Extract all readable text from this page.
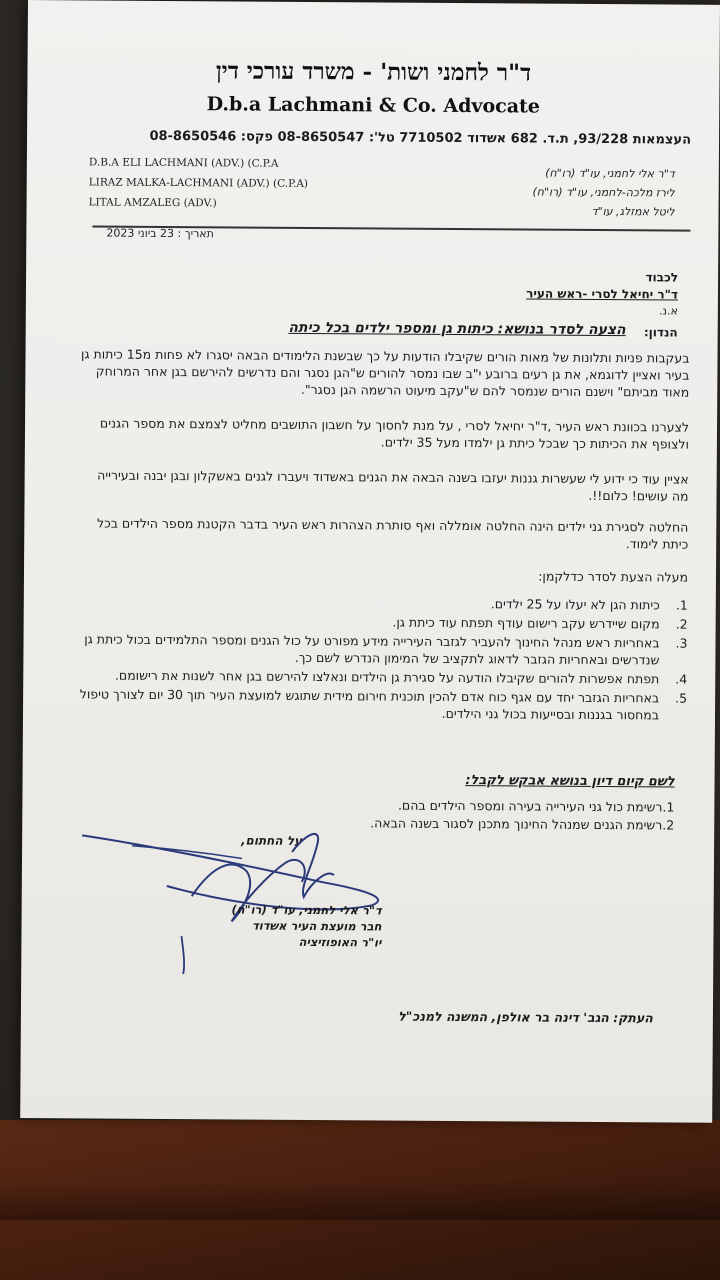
ד"ר לחמני ושות' - משרד עורכי דין
D.b.a Lachmani & Co. Advocate
העצמאות 93/228, ת.ד. 682 אשדוד 7710502 טל': 08-8650547 פקס: 08-8650546
D.B.A ELI LACHMANI (ADV.) (C.P.A
LIRAZ MALKA-LACHMANI (ADV.) (C.P.A)
LITAL AMZALEG (ADV.)
ד"ר אלי לחמני, עו"ד (רו"ח)
לירז מלכה-לחמני, עו"ד (רו"ח)
ליטל אמזלג, עו"ד
תאריך : 23 ביוני 2023
לכבוד
ד"ר יחיאל לסרי -ראש העיר
א.נ.
הנדון:
הצעה לסדר בנושא: כיתות גן ומספר ילדים בכל כיתה
בעקבות פניות ותלונות של מאות הורים שקיבלו הודעות על כך שבשנת הלימודים הבאה יסגרו לא פחות מ15 כיתות גן בעיר ואציין לדוגמא, את גן רעים ברובע י"ב שבו נמסר להורים ש"הגן נסגר והם נדרשים להירשם בגן אחר המרוחק מאוד מביתם" וישנם הורים שנמסר להם ש"עקב מיעוט הרשמה הגן נסגר".
לצערנו בכוונת ראש העיר ,ד"ר יחיאל לסרי , על מנת לחסוך על חשבון התושבים מחליט לצמצם את מספר הגנים ולצופף את הכיתות כך שבכל כיתת גן ילמדו מעל 35 ילדים.
אציין עוד כי ידוע לי שעשרות גננות יעזבו בשנה הבאה את הגנים באשדוד ויעברו לגנים באשקלון ובגן יבנה ובעירייה מה עושים! כלום!!.
החלטה לסגירת גני ילדים הינה החלטה אומללה ואף סותרת הצהרות ראש העיר בדבר הקטנת מספר הילדים בכל כיתת לימוד.
מעלה הצעת לסדר כדלקמן:
1.
כיתות הגן לא יעלו על 25 ילדים.
2.
מקום שיידרש עקב רישום עודף תפתח עוד כיתת גן.
3.
באחריות ראש מנהל החינוך להעביר לגזבר העירייה מידע מפורט על כול הגנים ומספר התלמידים בכול כיתת גן שנדרשים ובאחריות הגזבר לדאוג לתקציב של המימון הנדרש לשם כך.
4.
תפתח אפשרות להורים שקיבלו הודעה על סגירת גן הילדים ונאלצו להירשם בגן אחר לשנות את רישומם.
5.
באחריות הגזבר יחד עם אגף כוח אדם להכין תוכנית חירום מידית שתוגש למועצת העיר תוך 30 יום לצורך טיפול במחסור בגננות ובסייעות בכול גני הילדים.
לשם קיום דיון בנושא אבקש לקבל:
1.רשימת כול גני העירייה בעירה ומספר הילדים בהם.
2.רשימת הגנים שמנהל החינוך מתכנן לסגור בשנה הבאה.
על החתום,
ד"ר אלי לחמני, עו"ד (רו"ח)
חבר מועצת העיר אשדוד
יו"ר האופוזיציה
העתק: הגב' דינה בר אולפן, המשנה למנכ"ל
